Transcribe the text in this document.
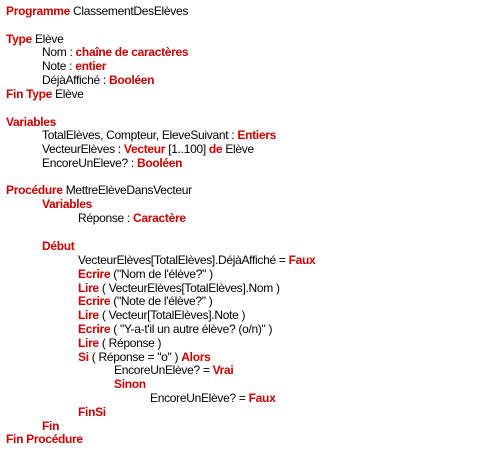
Programme ClassementDesElèves
Type Elève
Nom : chaîne de caractères
Note : entier
DéjàAffiché : Booléen
Fin Type Elève
Variables
TotalElèves, Compteur, EleveSuivant : Entiers
VecteurElèves : Vecteur [1..100] de Elève
EncoreUnEleve? : Booléen
Procédure MettreElèveDansVecteur
Variables
Réponse : Caractère
Début
VecteurElèves[TotalElèves].DéjàAffiché = Faux
Ecrire ("Nom de l'élève?" )
Lire ( VecteurElèves[TotalElèves].Nom )
Ecrire ("Note de l'élève?" )
Lire ( Vecteur[TotalElèves].Note )
Ecrire ( "Y-a-t'il un autre élève? (o/n)" )
Lire ( Réponse )
Si ( Réponse = "o" ) Alors
EncoreUnElève? = Vrai
Sinon
EncoreUnElève? = Faux
FinSi
Fin
Fin Procédure
